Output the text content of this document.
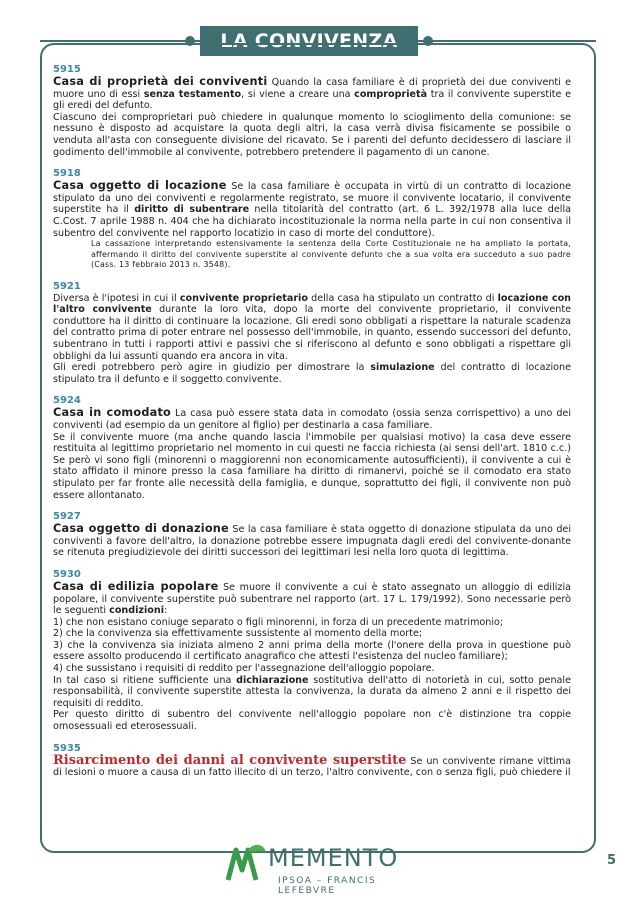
LA CONVIVENZA
5915

Casa di proprietà dei conviventi Quando la casa familiare è di proprietà dei due conviventi e muore uno di essi senza testamento, si viene a creare una comproprietà tra il convivente superstite e gli eredi del defunto.

Ciascuno dei comproprietari può chiedere in qualunque momento lo scioglimento della comunione: se nessuno è disposto ad acquistare la quota degli altri, la casa verrà divisa fisicamente se possibile o venduta all'asta con conseguente divisione del ricavato. Se i parenti del defunto decidessero di lasciare il godimento dell'immobile al convivente, potrebbero pretendere il pagamento di un canone.

5918

Casa oggetto di locazione Se la casa familiare è occupata in virtù di un contratto di locazione stipulato da uno dei conviventi e regolarmente registrato, se muore il convivente locatario, il convivente superstite ha il diritto di subentrare nella titolarità del contratto (art. 6 L. 392/1978 alla luce della C.Cost. 7 aprile 1988 n. 404 che ha dichiarato incostituzionale la norma nella parte in cui non consentiva il subentro del convivente nel rapporto locatizio in caso di morte del conduttore).

La cassazione interpretando estensivamente la sentenza della Corte Costituzionale ne ha ampliato la portata, affermando il diritto del convivente superstite al convivente defunto che a sua volta era succeduto a suo padre (Cass. 13 febbraio 2013 n. 3548).

5921

Diversa è l'ipotesi in cui il convivente proprietario della casa ha stipulato un contratto di locazione con l'altro convivente durante la loro vita, dopo la morte del convivente proprietario, il convivente conduttore ha il diritto di continuare la locazione. Gli eredi sono obbligati a rispettare la naturale scadenza del contratto prima di poter entrare nel possesso dell'immobile, in quanto, essendo successori del defunto, subentrano in tutti i rapporti attivi e passivi che si riferiscono al defunto e sono obbligati a rispettare gli obblighi da lui assunti quando era ancora in vita.

Gli eredi potrebbero però agire in giudizio per dimostrare la simulazione del contratto di locazione stipulato tra il defunto e il soggetto convivente.

5924

Casa in comodato La casa può essere stata data in comodato (ossia senza corrispettivo) a uno dei conviventi (ad esempio da un genitore al figlio) per destinarla a casa familiare.

Se il convivente muore (ma anche quando lascia l'immobile per qualsiasi motivo) la casa deve essere restituita al legittimo proprietario nel momento in cui questi ne faccia richiesta (ai sensi dell'art. 1810 c.c.) Se però vi sono figli (minorenni o maggiorenni non economicamente autosufficienti), il convivente a cui è stato affidato il minore presso la casa familiare ha diritto di rimanervi, poiché se il comodato era stato stipulato per far fronte alle necessità della famiglia, e dunque, soprattutto dei figli, il convivente non può essere allontanato.

5927

Casa oggetto di donazione Se la casa familiare è stata oggetto di donazione stipulata da uno dei conviventi a favore dell'altro, la donazione potrebbe essere impugnata dagli eredi del convivente-donante se ritenuta pregiudizievole dei diritti successori dei legittimari lesi nella loro quota di legittima.

5930

Casa di edilizia popolare Se muore il convivente a cui è stato assegnato un alloggio di edilizia popolare, il convivente superstite può subentrare nel rapporto (art. 17 L. 179/1992). Sono necessarie però le seguenti condizioni:

1) che non esistano coniuge separato o figli minorenni, in forza di un precedente matrimonio;

2) che la convivenza sia effettivamente sussistente al momento della morte;

3) che la convivenza sia iniziata almeno 2 anni prima della morte (l'onere della prova in questione può essere assolto producendo il certificato anagrafico che attesti l'esistenza del nucleo familiare);

4) che sussistano i requisiti di reddito per l'assegnazione dell'alloggio popolare.

In tal caso si ritiene sufficiente una dichiarazione sostitutiva dell'atto di notorietà in cui, sotto penale responsabilità, il convivente superstite attesta la convivenza, la durata da almeno 2 anni e il rispetto dei requisiti di reddito.

Per questo diritto di subentro del convivente nell'alloggio popolare non c'è distinzione tra coppie omosessuali ed eterosessuali.

5935

Risarcimento dei danni al convivente superstite Se un convivente rimane vittima di lesioni o muore a causa di un fatto illecito di un terzo, l'altro convivente, con o senza figli, può chiedere il

MEMENTO
IPSOA – FRANCIS LEFEBVRE
5
